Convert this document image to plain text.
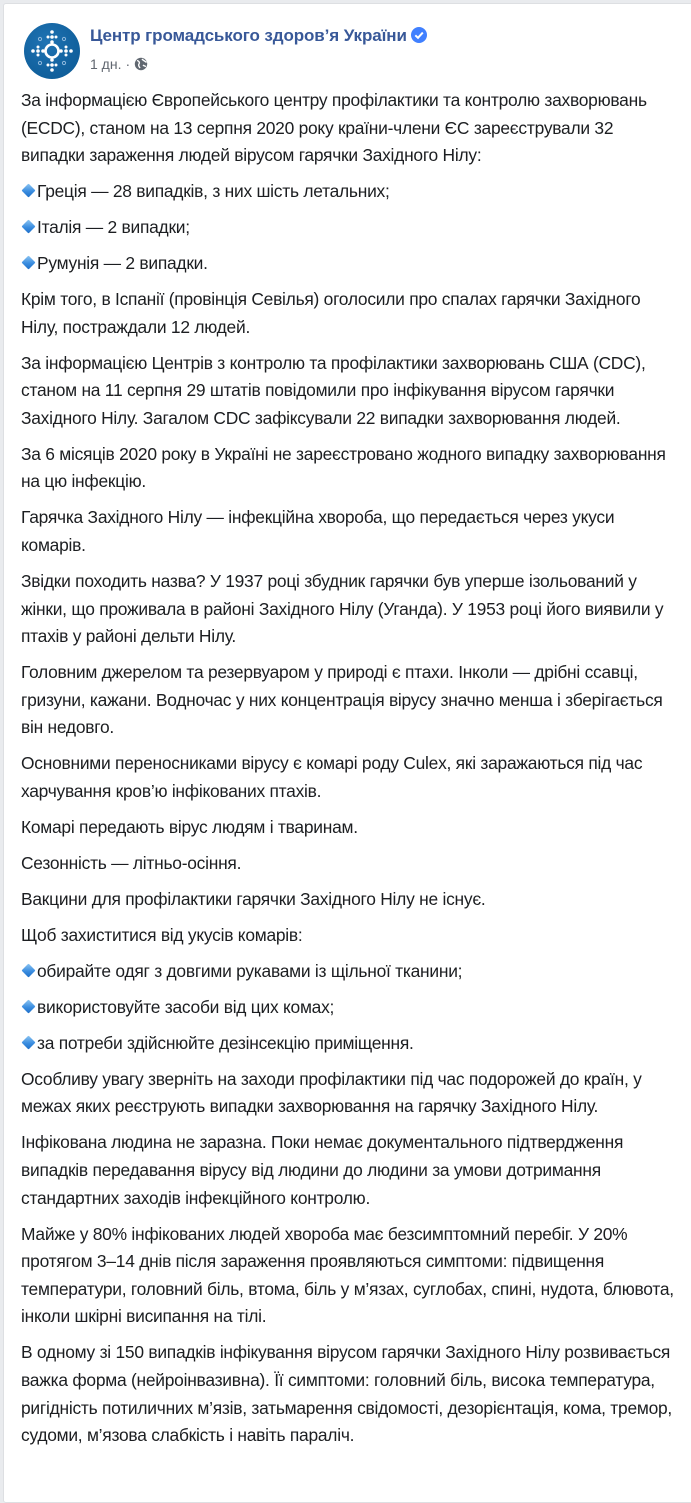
Центр громадського здоров’я України
1 дн. ·

За інформацією Європейського центру профілактики та контролю захворювань (ECDC), станом на 13 серпня 2020 року країни-члени ЄС зареєстрували 32 випадки зараження людей вірусом гарячки Західного Нілу:

Греція — 28 випадків, з них шість летальних;

Італія — 2 випадки;

Румунія — 2 випадки.

Крім того, в Іспанії (провінція Севілья) оголосили про спалах гарячки Західного Нілу, постраждали 12 людей.

За інформацією Центрів з контролю та профілактики захворювань США (CDC), станом на 11 серпня 29 штатів повідомили про інфікування вірусом гарячки Західного Нілу. Загалом CDC зафіксували 22 випадки захворювання людей.

За 6 місяців 2020 року в Україні не зареєстровано жодного випадку захворювання на цю інфекцію.

Гарячка Західного Нілу — інфекційна хвороба, що передається через укуси комарів.

Звідки походить назва? У 1937 році збудник гарячки був уперше ізольований у жінки, що проживала в районі Західного Нілу (Уганда). У 1953 році його виявили у птахів у районі дельти Нілу.

Головним джерелом та резервуаром у природі є птахи. Інколи — дрібні ссавці, гризуни, кажани. Водночас у них концентрація вірусу значно менша і зберігається він недовго.

Основними переносниками вірусу є комарі роду Culex, які заражаються під час харчування кров’ю інфікованих птахів.

Комарі передають вірус людям і тваринам.

Сезонність — літньо-осіння.

Вакцини для профілактики гарячки Західного Нілу не існує.

Щоб захиститися від укусів комарів:

обирайте одяг з довгими рукавами із щільної тканини;

використовуйте засоби від цих комах;

за потреби здійснюйте дезінсекцію приміщення.

Особливу увагу зверніть на заходи профілактики під час подорожей до країн, у межах яких реєструють випадки захворювання на гарячку Західного Нілу.

Інфікована людина не заразна. Поки немає документального підтвердження випадків передавання вірусу від людини до людини за умови дотримання стандартних заходів інфекційного контролю.

Майже у 80% інфікованих людей хвороба має безсимптомний перебіг. У 20% протягом 3–14 днів після зараження проявляються симптоми: підвищення температури, головний біль, втома, біль у м’язах, суглобах, спині, нудота, блювота, інколи шкірні висипання на тілі.

В одному зі 150 випадків інфікування вірусом гарячки Західного Нілу розвивається важка форма (нейроінвазивна). Її симптоми: головний біль, висока температура, ригідність потиличних м’язів, затьмарення свідомості, дезорієнтація, кома, тремор, судоми, м’язова слабкість і навіть параліч.
